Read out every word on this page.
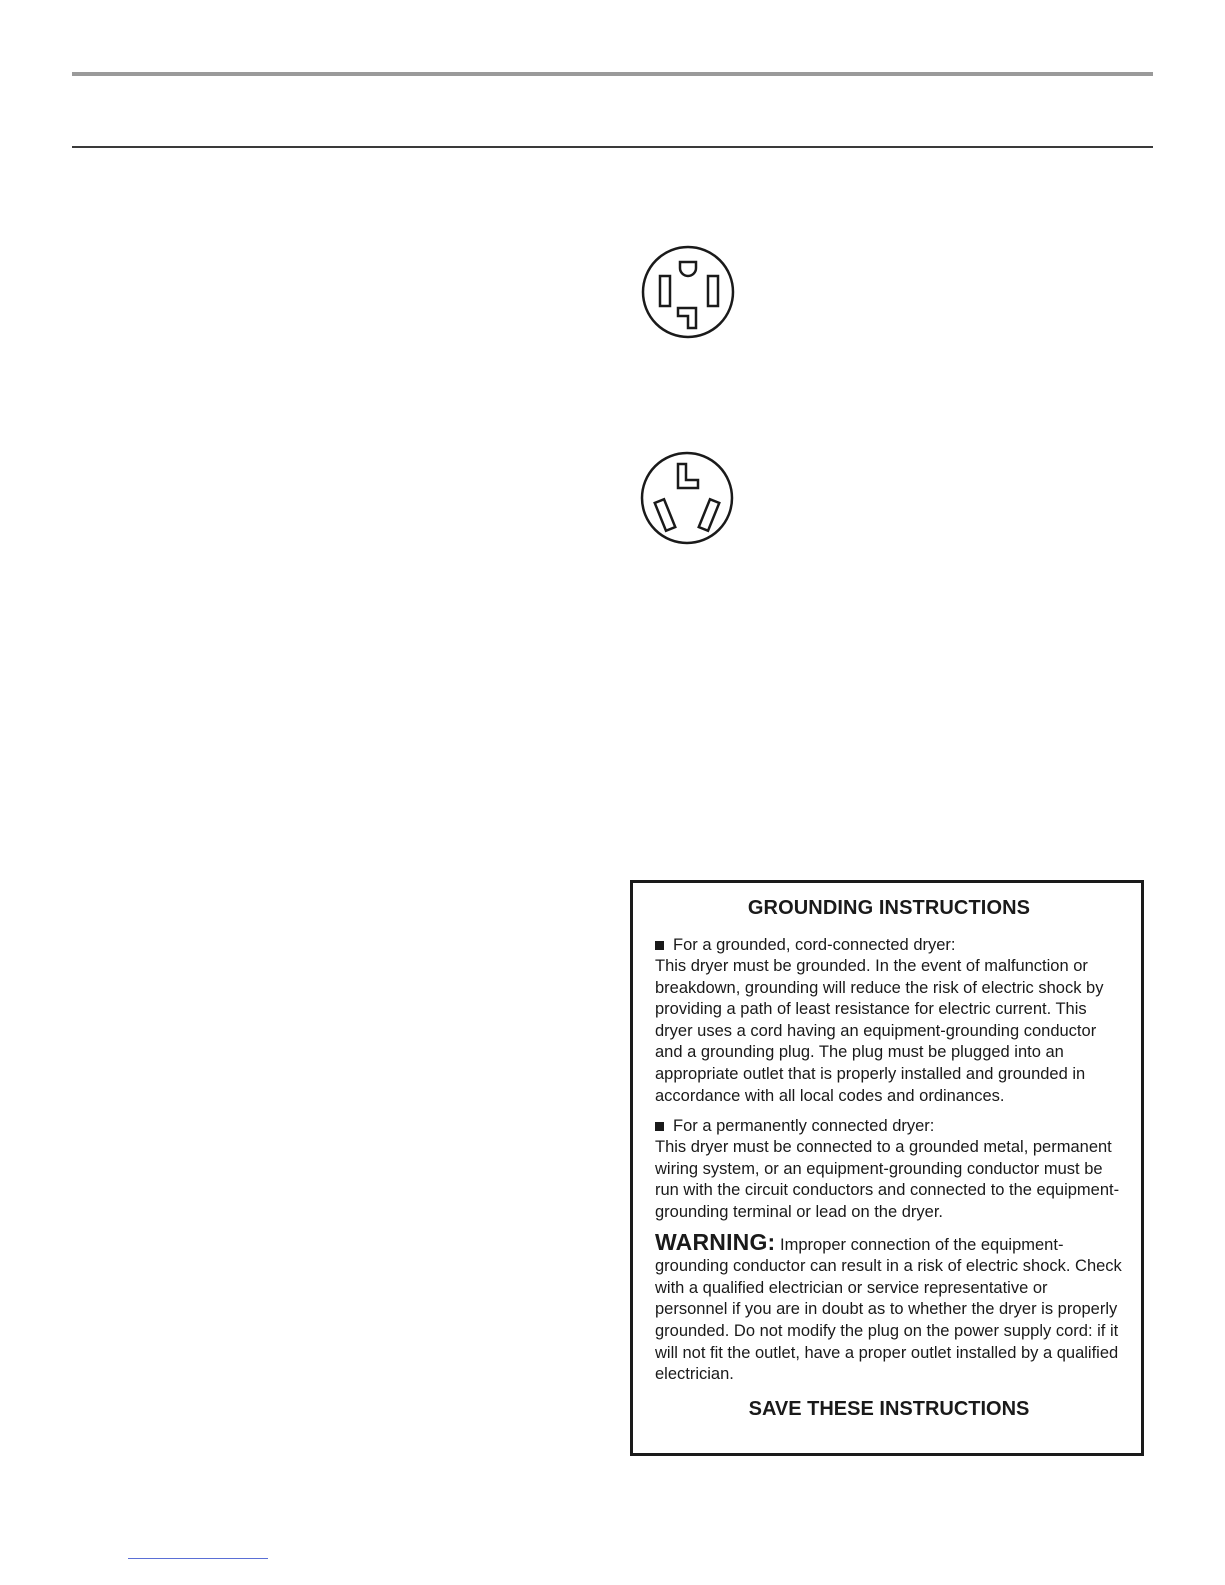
GROUNDING INSTRUCTIONS
For a grounded, cord-connected dryer:

This dryer must be grounded. In the event of malfunction or breakdown, grounding will reduce the risk of electric shock by providing a path of least resistance for electric current. This dryer uses a cord having an equipment-grounding conductor and a grounding plug. The plug must be plugged into an appropriate outlet that is properly installed and grounded in accordance with all local codes and ordinances.

For a permanently connected dryer:

This dryer must be connected to a grounded metal, permanent wiring system, or an equipment-grounding conductor must be run with the circuit conductors and connected to the equipment-grounding terminal or lead on the dryer.

WARNING: Improper connection of the equipment-grounding conductor can result in a risk of electric shock. Check with a qualified electrician or service representative or personnel if you are in doubt as to whether the dryer is properly grounded. Do not modify the plug on the power supply cord: if it will not fit the outlet, have a proper outlet installed by a qualified electrician.
SAVE THESE INSTRUCTIONS
